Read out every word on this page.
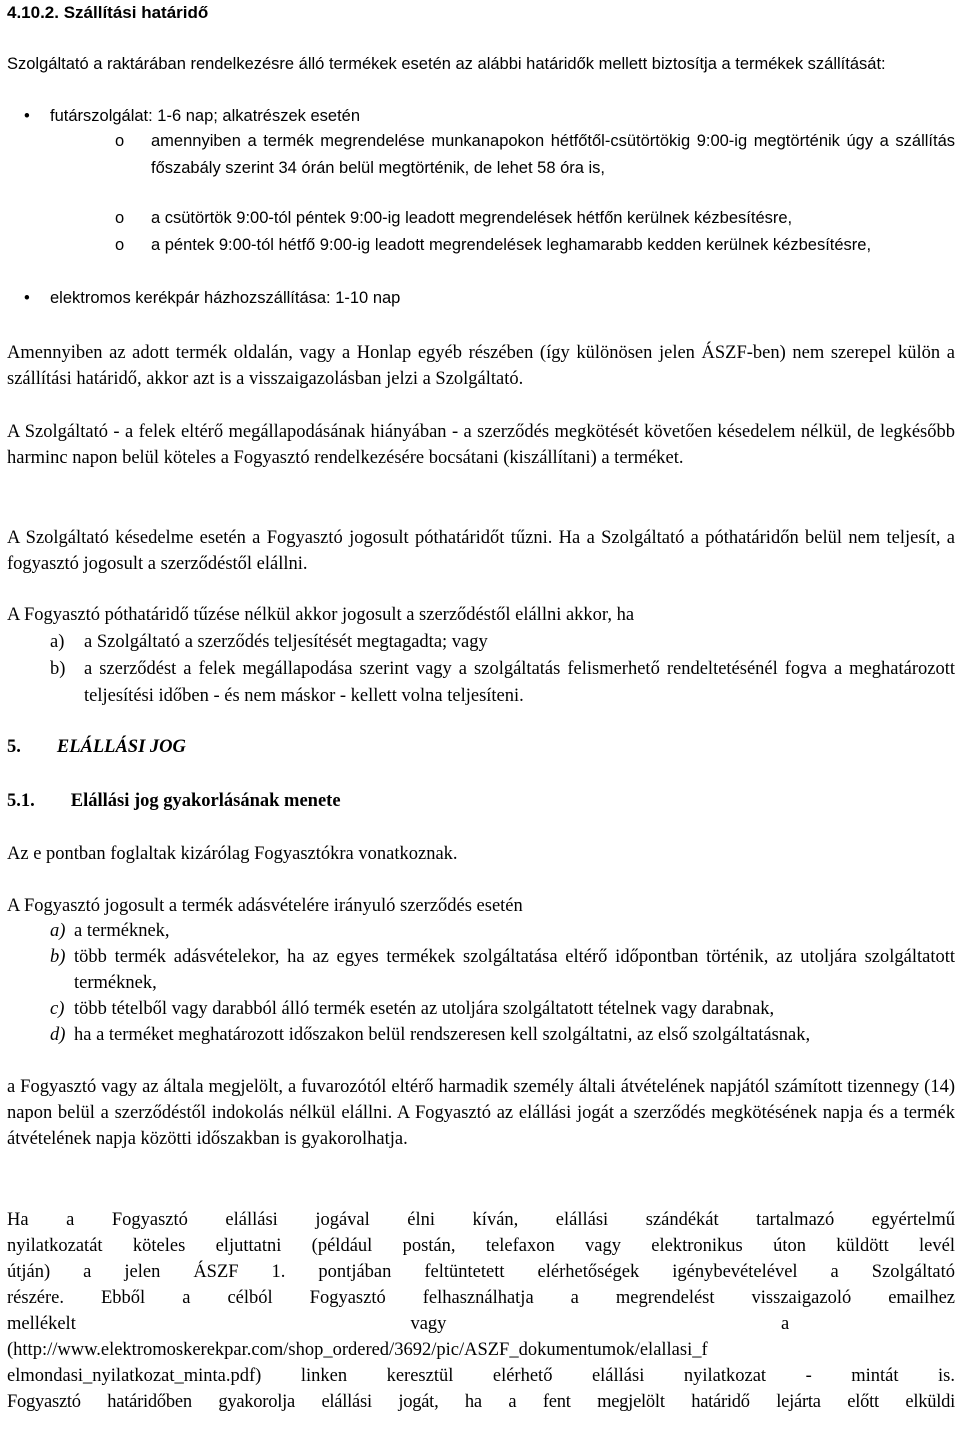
4.10.2. Szállítási határidő

Szolgáltató a raktárában rendelkezésre álló termékek esetén az alábbi határidők mellett biztosítja a termékek szállítását:

• futárszolgálat: 1-6 nap; alkatrészek esetén
o amennyiben a termék megrendelése munkanapokon hétfőtől-csütörtökig 9:00-ig megtörténik úgy a szállítás főszabály szerint 34 órán belül megtörténik, de lehet 58 óra is,
o a csütörtök 9:00-tól péntek 9:00-ig leadott megrendelések hétfőn kerülnek kézbesítésre,
o a péntek 9:00-tól hétfő 9:00-ig leadott megrendelések leghamarabb kedden kerülnek kézbesítésre,
• elektromos kerékpár házhozszállítása: 1-10 nap

Amennyiben az adott termék oldalán, vagy a Honlap egyéb részében (így különösen jelen ÁSZF-ben) nem szerepel külön a szállítási határidő, akkor azt is a visszaigazolásban jelzi a Szolgáltató.

A Szolgáltató - a felek eltérő megállapodásának hiányában - a szerződés megkötését követően késedelem nélkül, de legkésőbb harminc napon belül köteles a Fogyasztó rendelkezésére bocsátani (kiszállítani) a terméket.

A Szolgáltató késedelme esetén a Fogyasztó jogosult póthatáridőt tűzni. Ha a Szolgáltató a póthatáridőn belül nem teljesít, a fogyasztó jogosult a szerződéstől elállni.

A Fogyasztó póthatáridő tűzése nélkül akkor jogosult a szerződéstől elállni akkor, ha

a) a Szolgáltató a szerződés teljesítését megtagadta; vagy
b) a szerződést a felek megállapodása szerint vagy a szolgáltatás felismerhető rendeltetésénél fogva a meghatározott teljesítési időben - és nem máskor - kellett volna teljesíteni.
5. ELÁLLÁSI JOG
5.1. Elállási jog gyakorlásának menete

Az e pontban foglaltak kizárólag Fogyasztókra vonatkoznak.

A Fogyasztó jogosult a termék adásvételére irányuló szerződés esetén

a) a terméknek,
b) több termék adásvételekor, ha az egyes termékek szolgáltatása eltérő időpontban történik, az utoljára szolgáltatott terméknek,
c) több tételből vagy darabból álló termék esetén az utoljára szolgáltatott tételnek vagy darabnak,
d) ha a terméket meghatározott időszakon belül rendszeresen kell szolgáltatni, az első szolgáltatásnak,

a Fogyasztó vagy az általa megjelölt, a fuvarozótól eltérő harmadik személy általi átvételének napjától számított tizennegy (14) napon belül a szerződéstől indokolás nélkül elállni. A Fogyasztó az elállási jogát a szerződés megkötésének napja és a termék átvételének napja közötti időszakban is gyakorolhatja.

Ha a Fogyasztó elállási jogával élni kíván, elállási szándékát tartalmazó egyértelmű
nyilatkozatát köteles eljuttatni (például postán, telefaxon vagy elektronikus úton küldött levél
útján) a jelen ÁSZF 1. pontjában feltüntetett elérhetőségek igénybevételével a Szolgáltató
részére. Ebből a célból Fogyasztó felhasználhatja a megrendelést visszaigazoló emailhez
mellékelt vagy a
(http://www.elektromoskerekpar.com/shop_ordered/3692/pic/ASZF_dokumentumok/elallasi_f
elmondasi_nyilatkozat_minta.pdf) linken keresztül elérhető elállási nyilatkozat - mintát is.
Fogyasztó határidőben gyakorolja elállási jogát, ha a fent megjelölt határidő lejárta előtt elküldi
